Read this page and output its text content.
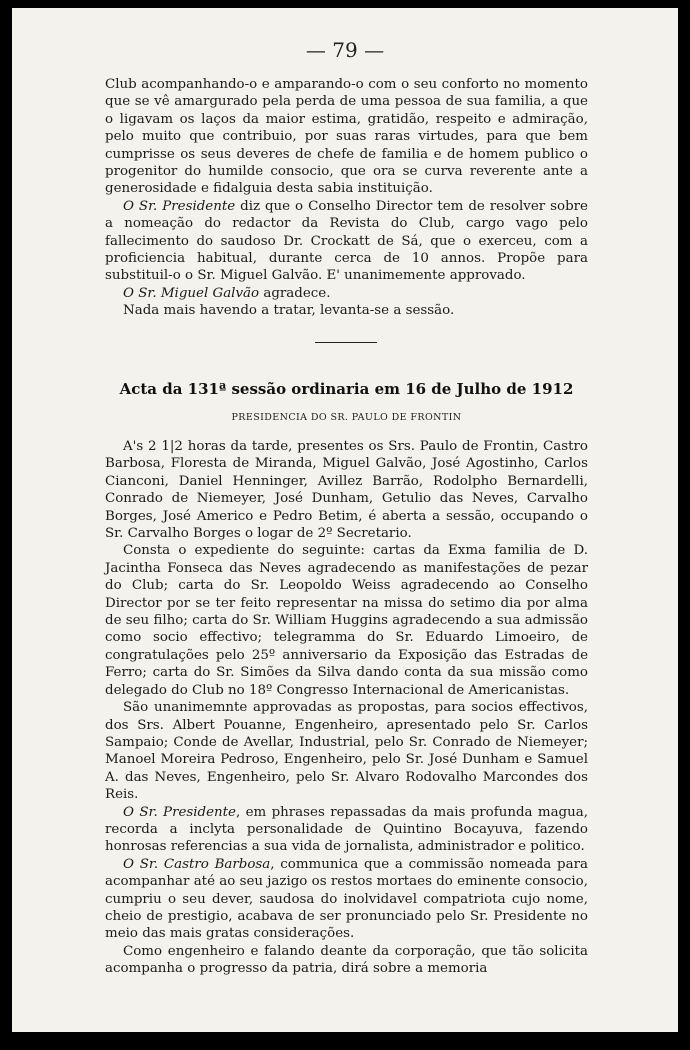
— 79 —

Club acompanhando-o e amparando-o com o seu conforto no momento que se vê amargurado pela perda de uma pessoa de sua familia, a que o ligavam os laços da maior estima, gratidão, respeito e admiração, pelo muito que contribuio, por suas raras virtudes, para que bem cumprisse os seus deveres de chefe de familia e de homem publico o progenitor do humilde consocio, que ora se curva reverente ante a generosidade e fidalguia desta sabia instituição.

O Sr. Presidente diz que o Conselho Director tem de resolver sobre a nomeação do redactor da Revista do Club, cargo vago pelo fallecimento do saudoso Dr. Crockatt de Sá, que o exerceu, com a proficiencia habitual, durante cerca de 10 annos. Propõe para substituil-o o Sr. Miguel Galvão. E' unanimemente approvado.

O Sr. Miguel Galvão agradece.

Nada mais havendo a tratar, levanta-se a sessão.

Acta da 131ª sessão ordinaria em 16 de Julho de 1912
PRESIDENCIA DO SR. PAULO DE FRONTIN

A's 2 1|2 horas da tarde, presentes os Srs. Paulo de Frontin, Castro Barbosa, Floresta de Miranda, Miguel Galvão, José Agostinho, Carlos Cianconi, Daniel Henninger, Avillez Barrão, Rodolpho Bernardelli, Conrado de Niemeyer, José Dunham, Getulio das Neves, Carvalho Borges, José Americo e Pedro Betim, é aberta a sessão, occupando o Sr. Carvalho Borges o logar de 2º Secretario.

Consta o expediente do seguinte: cartas da Exma familia de D. Jacintha Fonseca das Neves agradecendo as manifestações de pezar do Club; carta do Sr. Leopoldo Weiss agradecendo ao Conselho Director por se ter feito representar na missa do setimo dia por alma de seu filho; carta do Sr. William Huggins agradecendo a sua admissão como socio effectivo; telegramma do Sr. Eduardo Limoeiro, de congratulações pelo 25º anniversario da Exposição das Estradas de Ferro; carta do Sr. Simões da Silva dando conta da sua missão como delegado do Club no 18º Congresso Internacional de Americanistas.

São unanimemnte approvadas as propostas, para socios effectivos, dos Srs. Albert Pouanne, Engenheiro, apresentado pelo Sr. Carlos Sampaio; Conde de Avellar, Industrial, pelo Sr. Conrado de Niemeyer; Manoel Moreira Pedroso, Engenheiro, pelo Sr. José Dunham e Samuel A. das Neves, Engenheiro, pelo Sr. Alvaro Rodovalho Marcondes dos Reis.

O Sr. Presidente, em phrases repassadas da mais profunda magua, recorda a inclyta personalidade de Quintino Bocayuva, fazendo honrosas referencias a sua vida de jornalista, administrador e politico.

O Sr. Castro Barbosa, communica que a commissão nomeada para acompanhar até ao seu jazigo os restos mortaes do eminente consocio, cumpriu o seu dever, saudosa do inolvidavel compatriota cujo nome, cheio de prestigio, acabava de ser pronunciado pelo Sr. Presidente no meio das mais gratas considerações.

Como engenheiro e falando deante da corporação, que tão solicita acompanha o progresso da patria, dirá sobre a memoria
